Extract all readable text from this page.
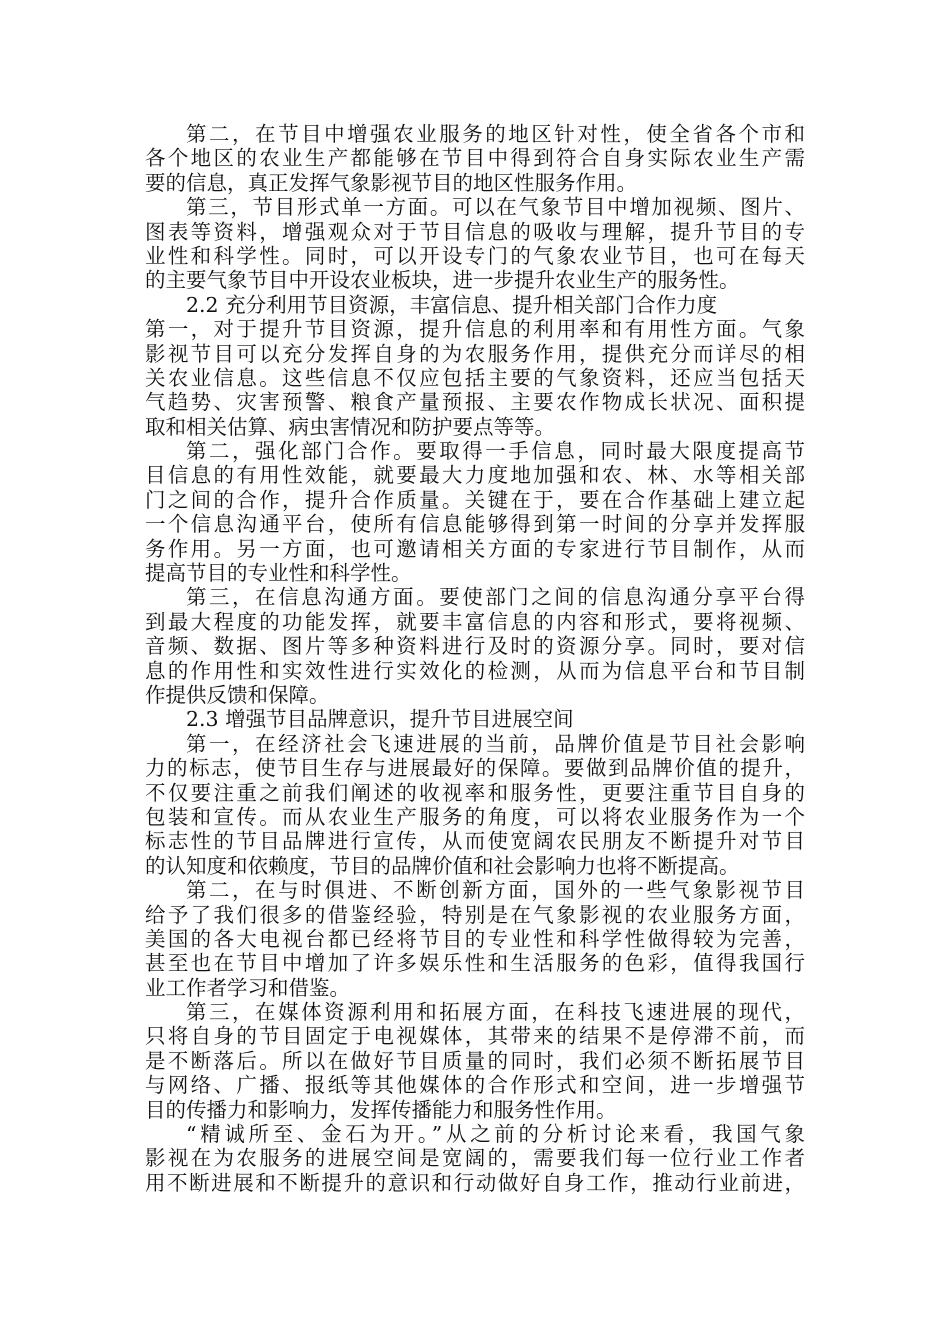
第二，在节目中增强农业服务的地区针对性，使全省各个市和
各个地区的农业生产都能够在节目中得到符合自身实际农业生产需
要的信息，真正发挥气象影视节目的地区性服务作用。
第三，节目形式单一方面。可以在气象节目中增加视频、图片、
图表等资料，增强观众对于节目信息的吸收与理解，提升节目的专
业性和科学性。同时，可以开设专门的气象农业节目，也可在每天
的主要气象节目中开设农业板块，进一步提升农业生产的服务性。
2.2 充分利用节目资源，丰富信息、提升相关部门合作力度
第一，对于提升节目资源，提升信息的利用率和有用性方面。气象
影视节目可以充分发挥自身的为农服务作用，提供充分而详尽的相
关农业信息。这些信息不仅应包括主要的气象资料，还应当包括天
气趋势、灾害预警、粮食产量预报、主要农作物成长状况、面积提
取和相关估算、病虫害情况和防护要点等等。
第二，强化部门合作。要取得一手信息，同时最大限度提高节
目信息的有用性效能，就要最大力度地加强和农、林、水等相关部
门之间的合作，提升合作质量。关键在于，要在合作基础上建立起
一个信息沟通平台，使所有信息能够得到第一时间的分享并发挥服
务作用。另一方面，也可邀请相关方面的专家进行节目制作，从而
提高节目的专业性和科学性。
第三，在信息沟通方面。要使部门之间的信息沟通分享平台得
到最大程度的功能发挥，就要丰富信息的内容和形式，要将视频、
音频、数据、图片等多种资料进行及时的资源分享。同时，要对信
息的作用性和实效性进行实效化的检测，从而为信息平台和节目制
作提供反馈和保障。
2.3 增强节目品牌意识，提升节目进展空间
第一，在经济社会飞速进展的当前，品牌价值是节目社会影响
力的标志，使节目生存与进展最好的保障。要做到品牌价值的提升，
不仅要注重之前我们阐述的收视率和服务性，更要注重节目自身的
包装和宣传。而从农业生产服务的角度，可以将农业服务作为一个
标志性的节目品牌进行宣传，从而使宽阔农民朋友不断提升对节目
的认知度和依赖度，节目的品牌价值和社会影响力也将不断提高。
第二，在与时俱进、不断创新方面，国外的一些气象影视节目
给予了我们很多的借鉴经验，特别是在气象影视的农业服务方面，
美国的各大电视台都已经将节目的专业性和科学性做得较为完善，
甚至也在节目中增加了许多娱乐性和生活服务的色彩，值得我国行
业工作者学习和借鉴。
第三，在媒体资源利用和拓展方面，在科技飞速进展的现代，
只将自身的节目固定于电视媒体，其带来的结果不是停滞不前，而
是不断落后。所以在做好节目质量的同时，我们必须不断拓展节目
与网络、广播、报纸等其他媒体的合作形式和空间，进一步增强节
目的传播力和影响力，发挥传播能力和服务性作用。
“精诚所至、金石为开。”从之前的分析讨论来看，我国气象
影视在为农服务的进展空间是宽阔的，需要我们每一位行业工作者
用不断进展和不断提升的意识和行动做好自身工作，推动行业前进，
